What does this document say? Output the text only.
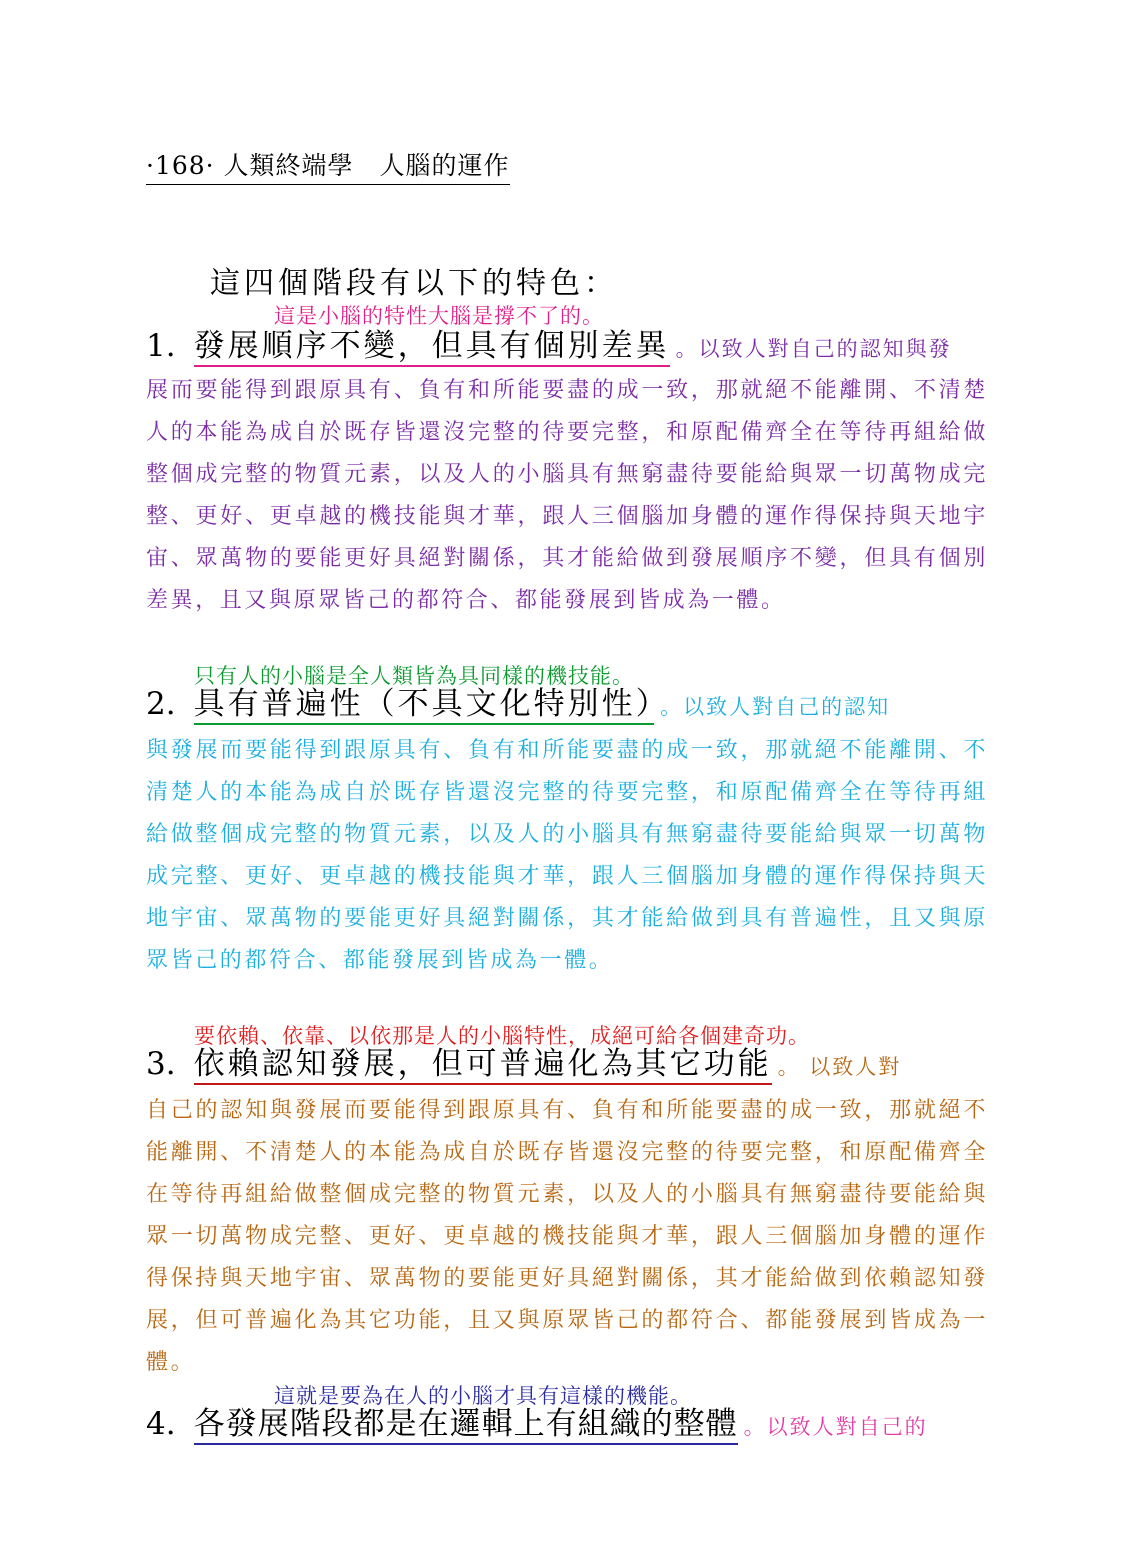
·168· 人類終端學　人腦的運作
這四個階段有以下的特色：
這是小腦的特性大腦是撐不了的。
1. 發展順序不變，但具有個別差異 。以致人對自己的認知與發
展而要能得到跟原具有、負有和所能要盡的成一致，那就絕不能離開、不清楚人的本能為成自於既存皆還沒完整的待要完整，和原配備齊全在等待再組給做整個成完整的物質元素，以及人的小腦具有無窮盡待要能給與眾一切萬物成完整、更好、更卓越的機技能與才華，跟人三個腦加身體的運作得保持與天地宇宙、眾萬物的要能更好具絕對關係，其才能給做到發展順序不變，但具有個別差異，且又與原眾皆己的都符合、都能發展到皆成為一體。
只有人的小腦是全人類皆為具同樣的機技能。
2. 具有普遍性（不具文化特別性） 。以致人對自己的認知
與發展而要能得到跟原具有、負有和所能要盡的成一致，那就絕不能離開、不清楚人的本能為成自於既存皆還沒完整的待要完整，和原配備齊全在等待再組給做整個成完整的物質元素，以及人的小腦具有無窮盡待要能給與眾一切萬物成完整、更好、更卓越的機技能與才華，跟人三個腦加身體的運作得保持與天地宇宙、眾萬物的要能更好具絕對關係，其才能給做到具有普遍性，且又與原眾皆己的都符合、都能發展到皆成為一體。
要依賴、依靠、以依那是人的小腦特性，成絕可給各個建奇功。
3. 依賴認知發展，但可普遍化為其它功能 。 以致人對
自己的認知與發展而要能得到跟原具有、負有和所能要盡的成一致，那就絕不能離開、不清楚人的本能為成自於既存皆還沒完整的待要完整，和原配備齊全在等待再組給做整個成完整的物質元素，以及人的小腦具有無窮盡待要能給與眾一切萬物成完整、更好、更卓越的機技能與才華，跟人三個腦加身體的運作得保持與天地宇宙、眾萬物的要能更好具絕對關係，其才能給做到依賴認知發展，但可普遍化為其它功能，且又與原眾皆己的都符合、都能發展到皆成為一體。
這就是要為在人的小腦才具有這樣的機能。
4. 各發展階段都是在邏輯上有組織的整體 。以致人對自己的
